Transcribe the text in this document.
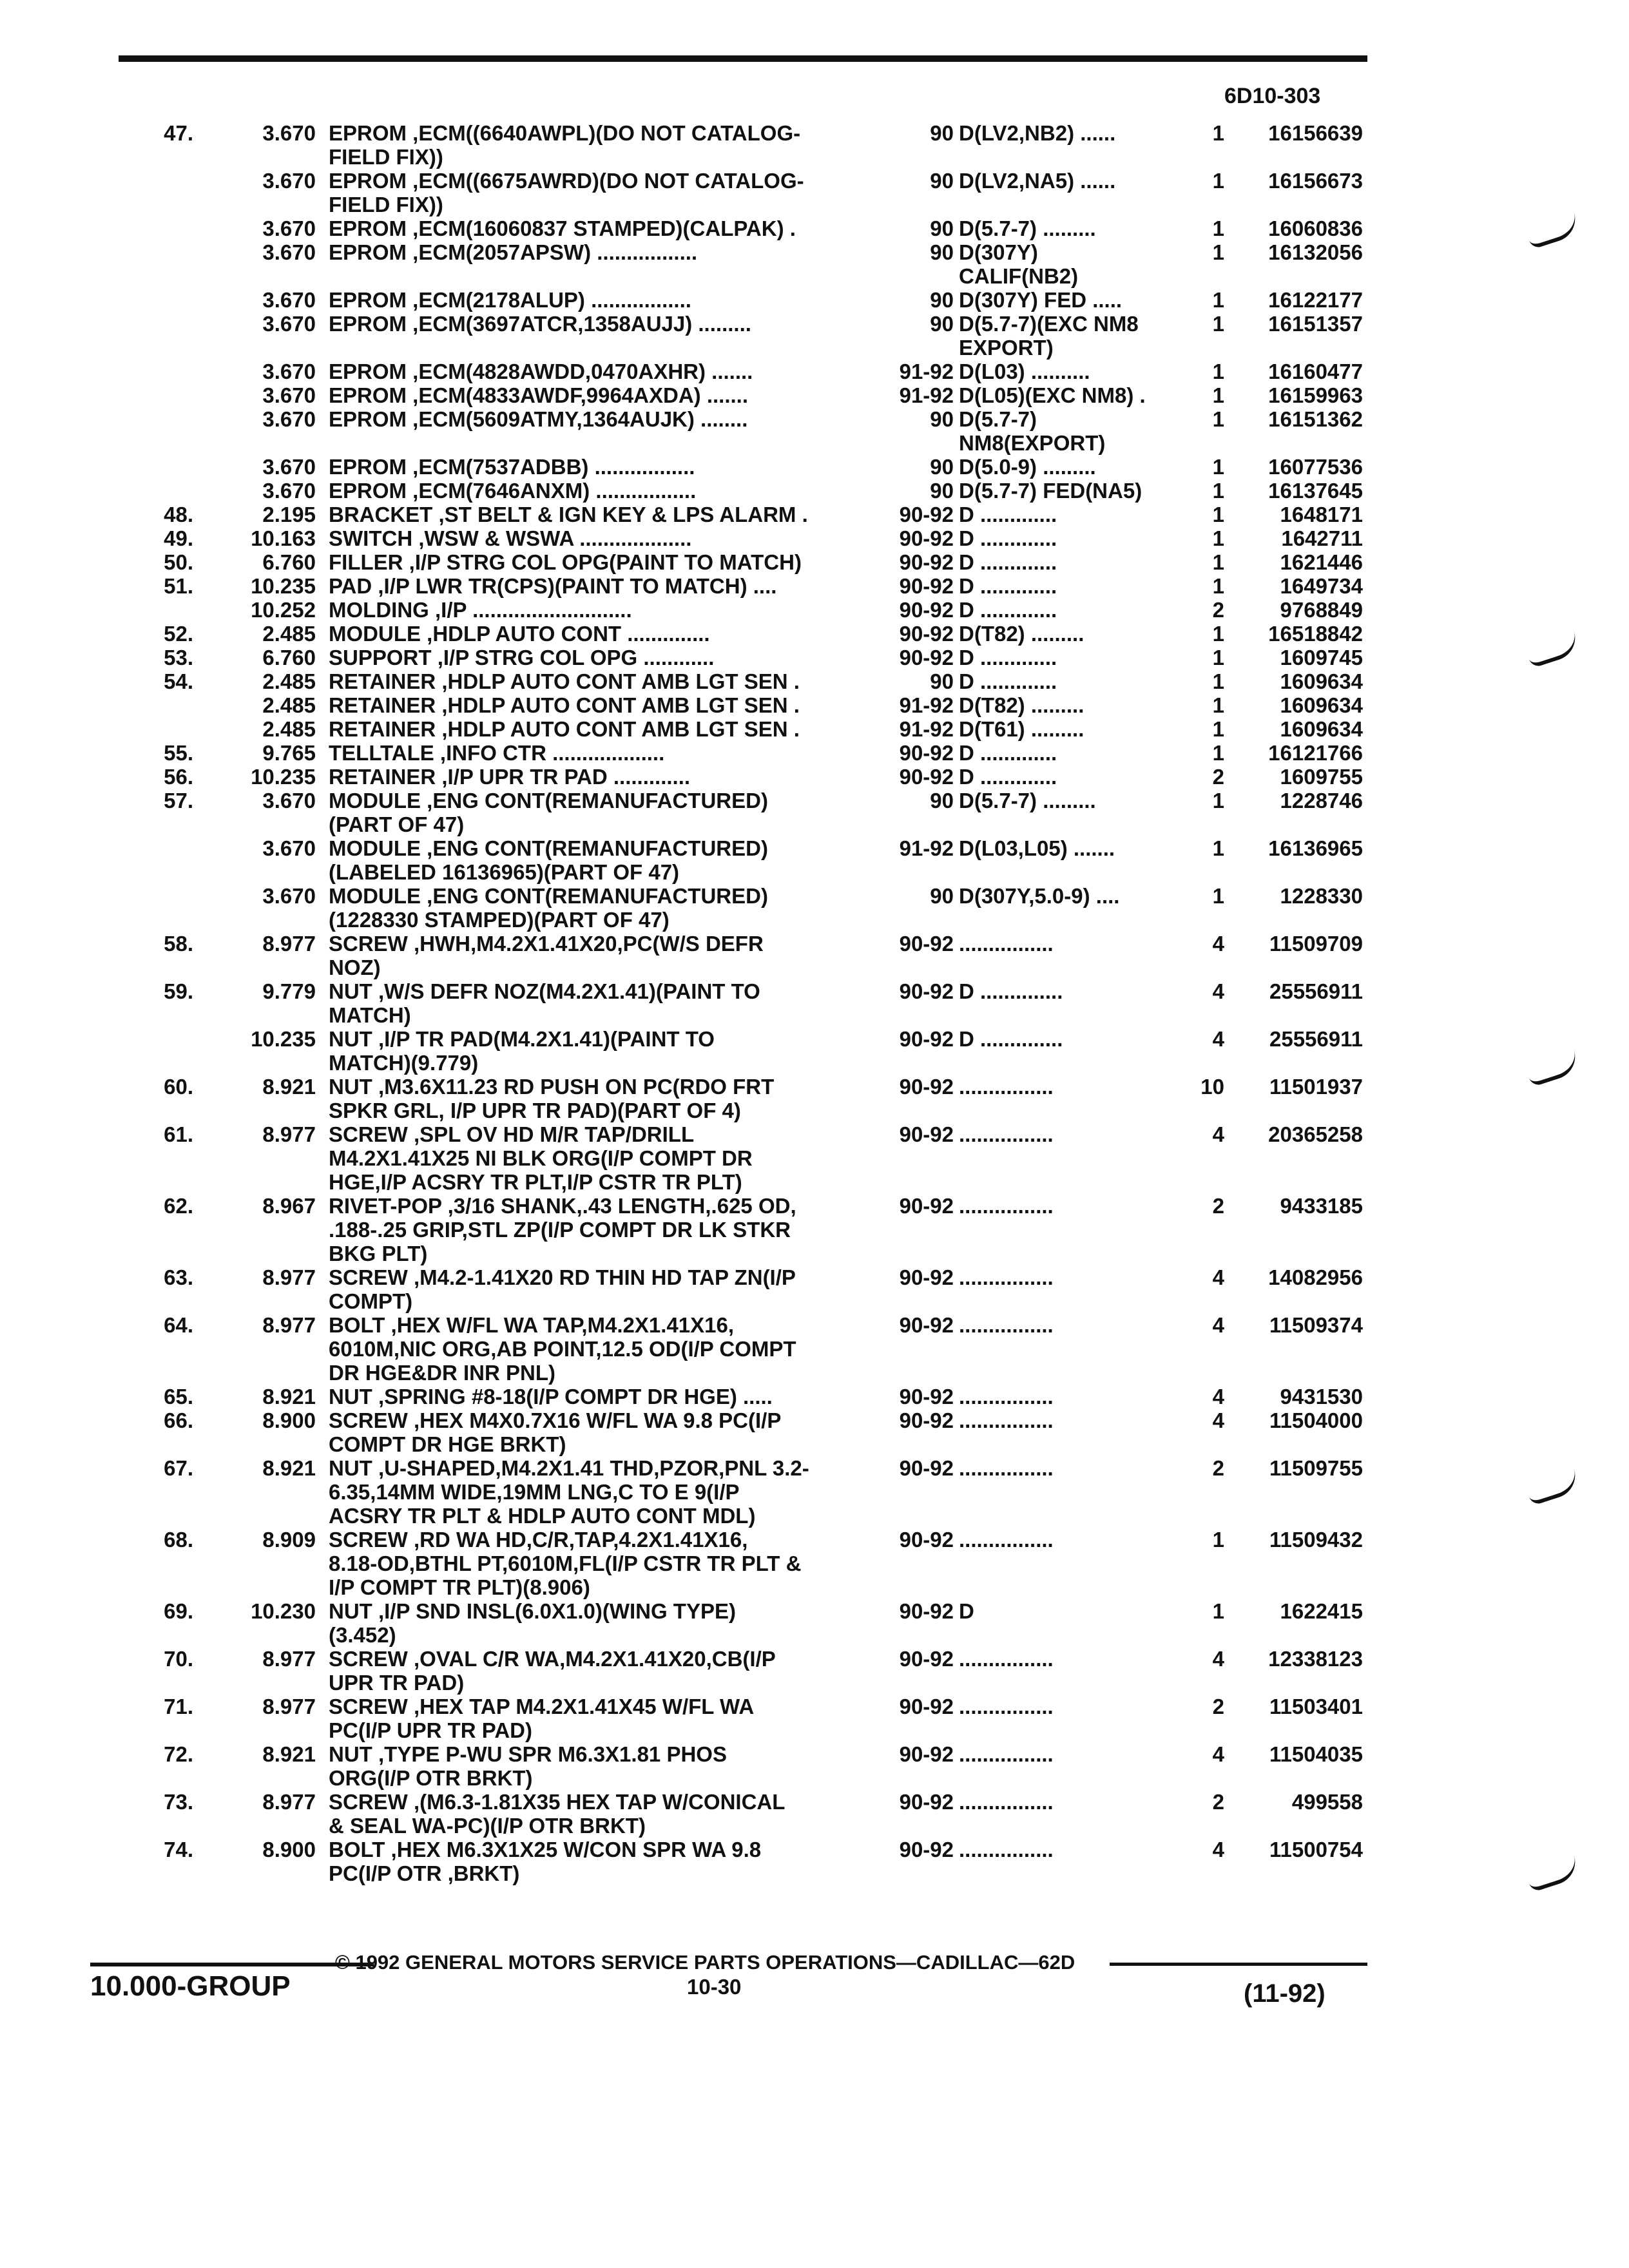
6D10-303
47.	3.670 EPROM ,ECM((6640AWPL)(DO NOT CATALOG-	90 D(LV2,NB2) ......	1	16156639
FIELD FIX))
3.670 EPROM ,ECM((6675AWRD)(DO NOT CATALOG-	90 D(LV2,NA5) ......	1	16156673
FIELD FIX))
3.670 EPROM ,ECM(16060837 STAMPED)(CALPAK) .	90 D(5.7-7) .........	1	16060836
3.670 EPROM ,ECM(2057APSW) .................	90 D(307Y)	1	16132056
CALIF(NB2)
3.670 EPROM ,ECM(2178ALUP) .................	90 D(307Y) FED .....	1	16122177
3.670 EPROM ,ECM(3697ATCR,1358AUJJ) .........	90 D(5.7-7)(EXC NM8	1	16151357
EXPORT)
3.670 EPROM ,ECM(4828AWDD,0470AXHR) .......	91-92 D(L03) ..........	1	16160477
3.670 EPROM ,ECM(4833AWDF,9964AXDA) .......	91-92 D(L05)(EXC NM8) .	1	16159963
3.670 EPROM ,ECM(5609ATMY,1364AUJK) ........	90 D(5.7-7)	1	16151362
NM8(EXPORT)
3.670 EPROM ,ECM(7537ADBB) .................	90 D(5.0-9) .........	1	16077536
3.670 EPROM ,ECM(7646ANXM) .................	90 D(5.7-7) FED(NA5)	1	16137645
48.	2.195 BRACKET ,ST BELT & IGN KEY & LPS ALARM .	90-92 D .............	1	1648171
49.	10.163 SWITCH ,WSW & WSWA ...................	90-92 D .............	1	1642711
50.	6.760 FILLER ,I/P STRG COL OPG(PAINT TO MATCH)	90-92 D .............	1	1621446
51.	10.235 PAD ,I/P LWR TR(CPS)(PAINT TO MATCH) ....	90-92 D .............	1	1649734
10.252 MOLDING ,I/P ...........................	90-92 D .............	2	9768849
52.	2.485 MODULE ,HDLP AUTO CONT ..............	90-92 D(T82) .........	1	16518842
53.	6.760 SUPPORT ,I/P STRG COL OPG ............	90-92 D .............	1	1609745
54.	2.485 RETAINER ,HDLP AUTO CONT AMB LGT SEN .	90 D .............	1	1609634
2.485 RETAINER ,HDLP AUTO CONT AMB LGT SEN .	91-92 D(T82) .........	1	1609634
2.485 RETAINER ,HDLP AUTO CONT AMB LGT SEN .	91-92 D(T61) .........	1	1609634
55.	9.765 TELLTALE ,INFO CTR ...................	90-92 D .............	1	16121766
56.	10.235 RETAINER ,I/P UPR TR PAD .............	90-92 D .............	2	1609755
57.	3.670 MODULE ,ENG CONT(REMANUFACTURED)	90 D(5.7-7) .........	1	1228746
(PART OF 47)
3.670 MODULE ,ENG CONT(REMANUFACTURED)	91-92 D(L03,L05) .......	1	16136965
(LABELED 16136965)(PART OF 47)
3.670 MODULE ,ENG CONT(REMANUFACTURED)	90 D(307Y,5.0-9) ....	1	1228330
(1228330 STAMPED)(PART OF 47)
58.	8.977 SCREW ,HWH,M4.2X1.41X20,PC(W/S DEFR	90-92 ................	4	11509709
NOZ)
59.	9.779 NUT ,W/S DEFR NOZ(M4.2X1.41)(PAINT TO	90-92 D ..............	4	25556911
MATCH)
10.235 NUT ,I/P TR PAD(M4.2X1.41)(PAINT TO	90-92 D ..............	4	25556911
MATCH)(9.779)
60.	8.921 NUT ,M3.6X11.23 RD PUSH ON PC(RDO FRT	90-92 ................	10	11501937
SPKR GRL, I/P UPR TR PAD)(PART OF 4)
61.	8.977 SCREW ,SPL OV HD M/R TAP/DRILL	90-92 ................	4	20365258
M4.2X1.41X25 NI BLK ORG(I/P COMPT DR
HGE,I/P ACSRY TR PLT,I/P CSTR TR PLT)
62.	8.967 RIVET-POP ,3/16 SHANK,.43 LENGTH,.625 OD,	90-92 ................	2	9433185
.188-.25 GRIP,STL ZP(I/P COMPT DR LK STKR
BKG PLT)
63.	8.977 SCREW ,M4.2-1.41X20 RD THIN HD TAP ZN(I/P	90-92 ................	4	14082956
COMPT)
64.	8.977 BOLT ,HEX W/FL WA TAP,M4.2X1.41X16,	90-92 ................	4	11509374
6010M,NIC ORG,AB POINT,12.5 OD(I/P COMPT
DR HGE&DR INR PNL)
65.	8.921 NUT ,SPRING #8-18(I/P COMPT DR HGE) .....	90-92 ................	4	9431530
66.	8.900 SCREW ,HEX M4X0.7X16 W/FL WA 9.8 PC(I/P	90-92 ................	4	11504000
COMPT DR HGE BRKT)
67.	8.921 NUT ,U-SHAPED,M4.2X1.41 THD,PZOR,PNL 3.2-	90-92 ................	2	11509755
6.35,14MM WIDE,19MM LNG,C TO E 9(I/P
ACSRY TR PLT & HDLP AUTO CONT MDL)
68.	8.909 SCREW ,RD WA HD,C/R,TAP,4.2X1.41X16,	90-92 ................	1	11509432
8.18-OD,BTHL PT,6010M,FL(I/P CSTR TR PLT &
I/P COMPT TR PLT)(8.906)
69.	10.230 NUT ,I/P SND INSL(6.0X1.0)(WING TYPE)	90-92 D	1	1622415
(3.452)
70.	8.977 SCREW ,OVAL C/R WA,M4.2X1.41X20,CB(I/P	90-92 ................	4	12338123
UPR TR PAD)
71.	8.977 SCREW ,HEX TAP M4.2X1.41X45 W/FL WA	90-92 ................	2	11503401
PC(I/P UPR TR PAD)
72.	8.921 NUT ,TYPE P-WU SPR M6.3X1.81 PHOS	90-92 ................	4	11504035
ORG(I/P OTR BRKT)
73.	8.977 SCREW ,(M6.3-1.81X35 HEX TAP W/CONICAL	90-92 ................	2	499558
& SEAL WA-PC)(I/P OTR BRKT)
74.	8.900 BOLT ,HEX M6.3X1X25 W/CON SPR WA 9.8	90-92 ................	4	11500754
PC(I/P OTR ,BRKT)
10.000-GROUP
© 1992 GENERAL MOTORS SERVICE PARTS OPERATIONS—CADILLAC—62D
10-30	(11-92)
